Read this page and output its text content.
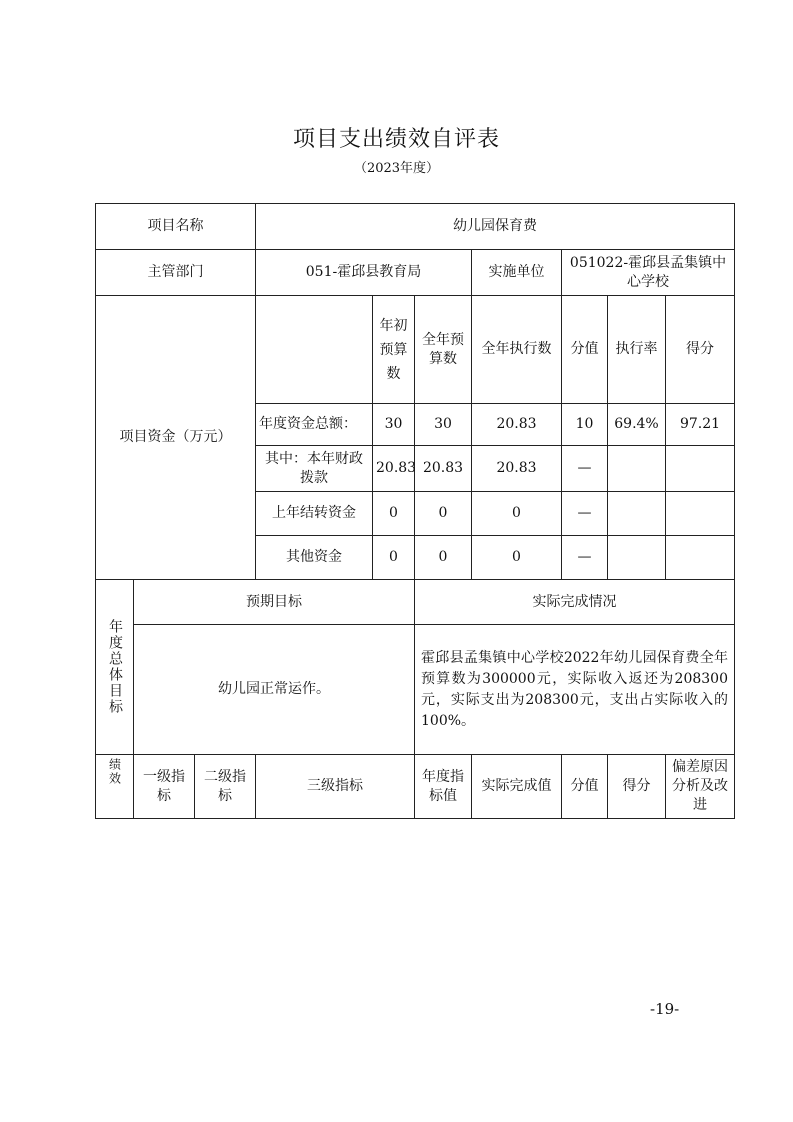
项目支出绩效自评表
（2023年度）
项目名称			幼儿园保育费						
主管部门			051-霍邱县教育局			实施单位	051022-霍邱县孟集镇中心学校		
项目资金（万元）				年初预算数	全年预算数	全年执行数	分值	执行率	得分
			年度资金总额：	30	30	20.83	10	69.4%	97.21
			其中：本年财政拨款	20.83	20.83	20.83	—		
			上年结转资金	0	0	0	—		
			其他资金	0	0	0	—		

年度总体目标	预期目标				实际完成情况				
	幼儿园正常运作。				霍邱县孟集镇中心学校2022年幼儿园保育费全年预算数为300000元，实际收入返还为208300元，实际支出为208300元，支出占实际收入的100%。				

绩效	一级指标	二级指标	三级指标		年度指标值	实际完成值	分值	得分	偏差原因分析及改进
-19-
